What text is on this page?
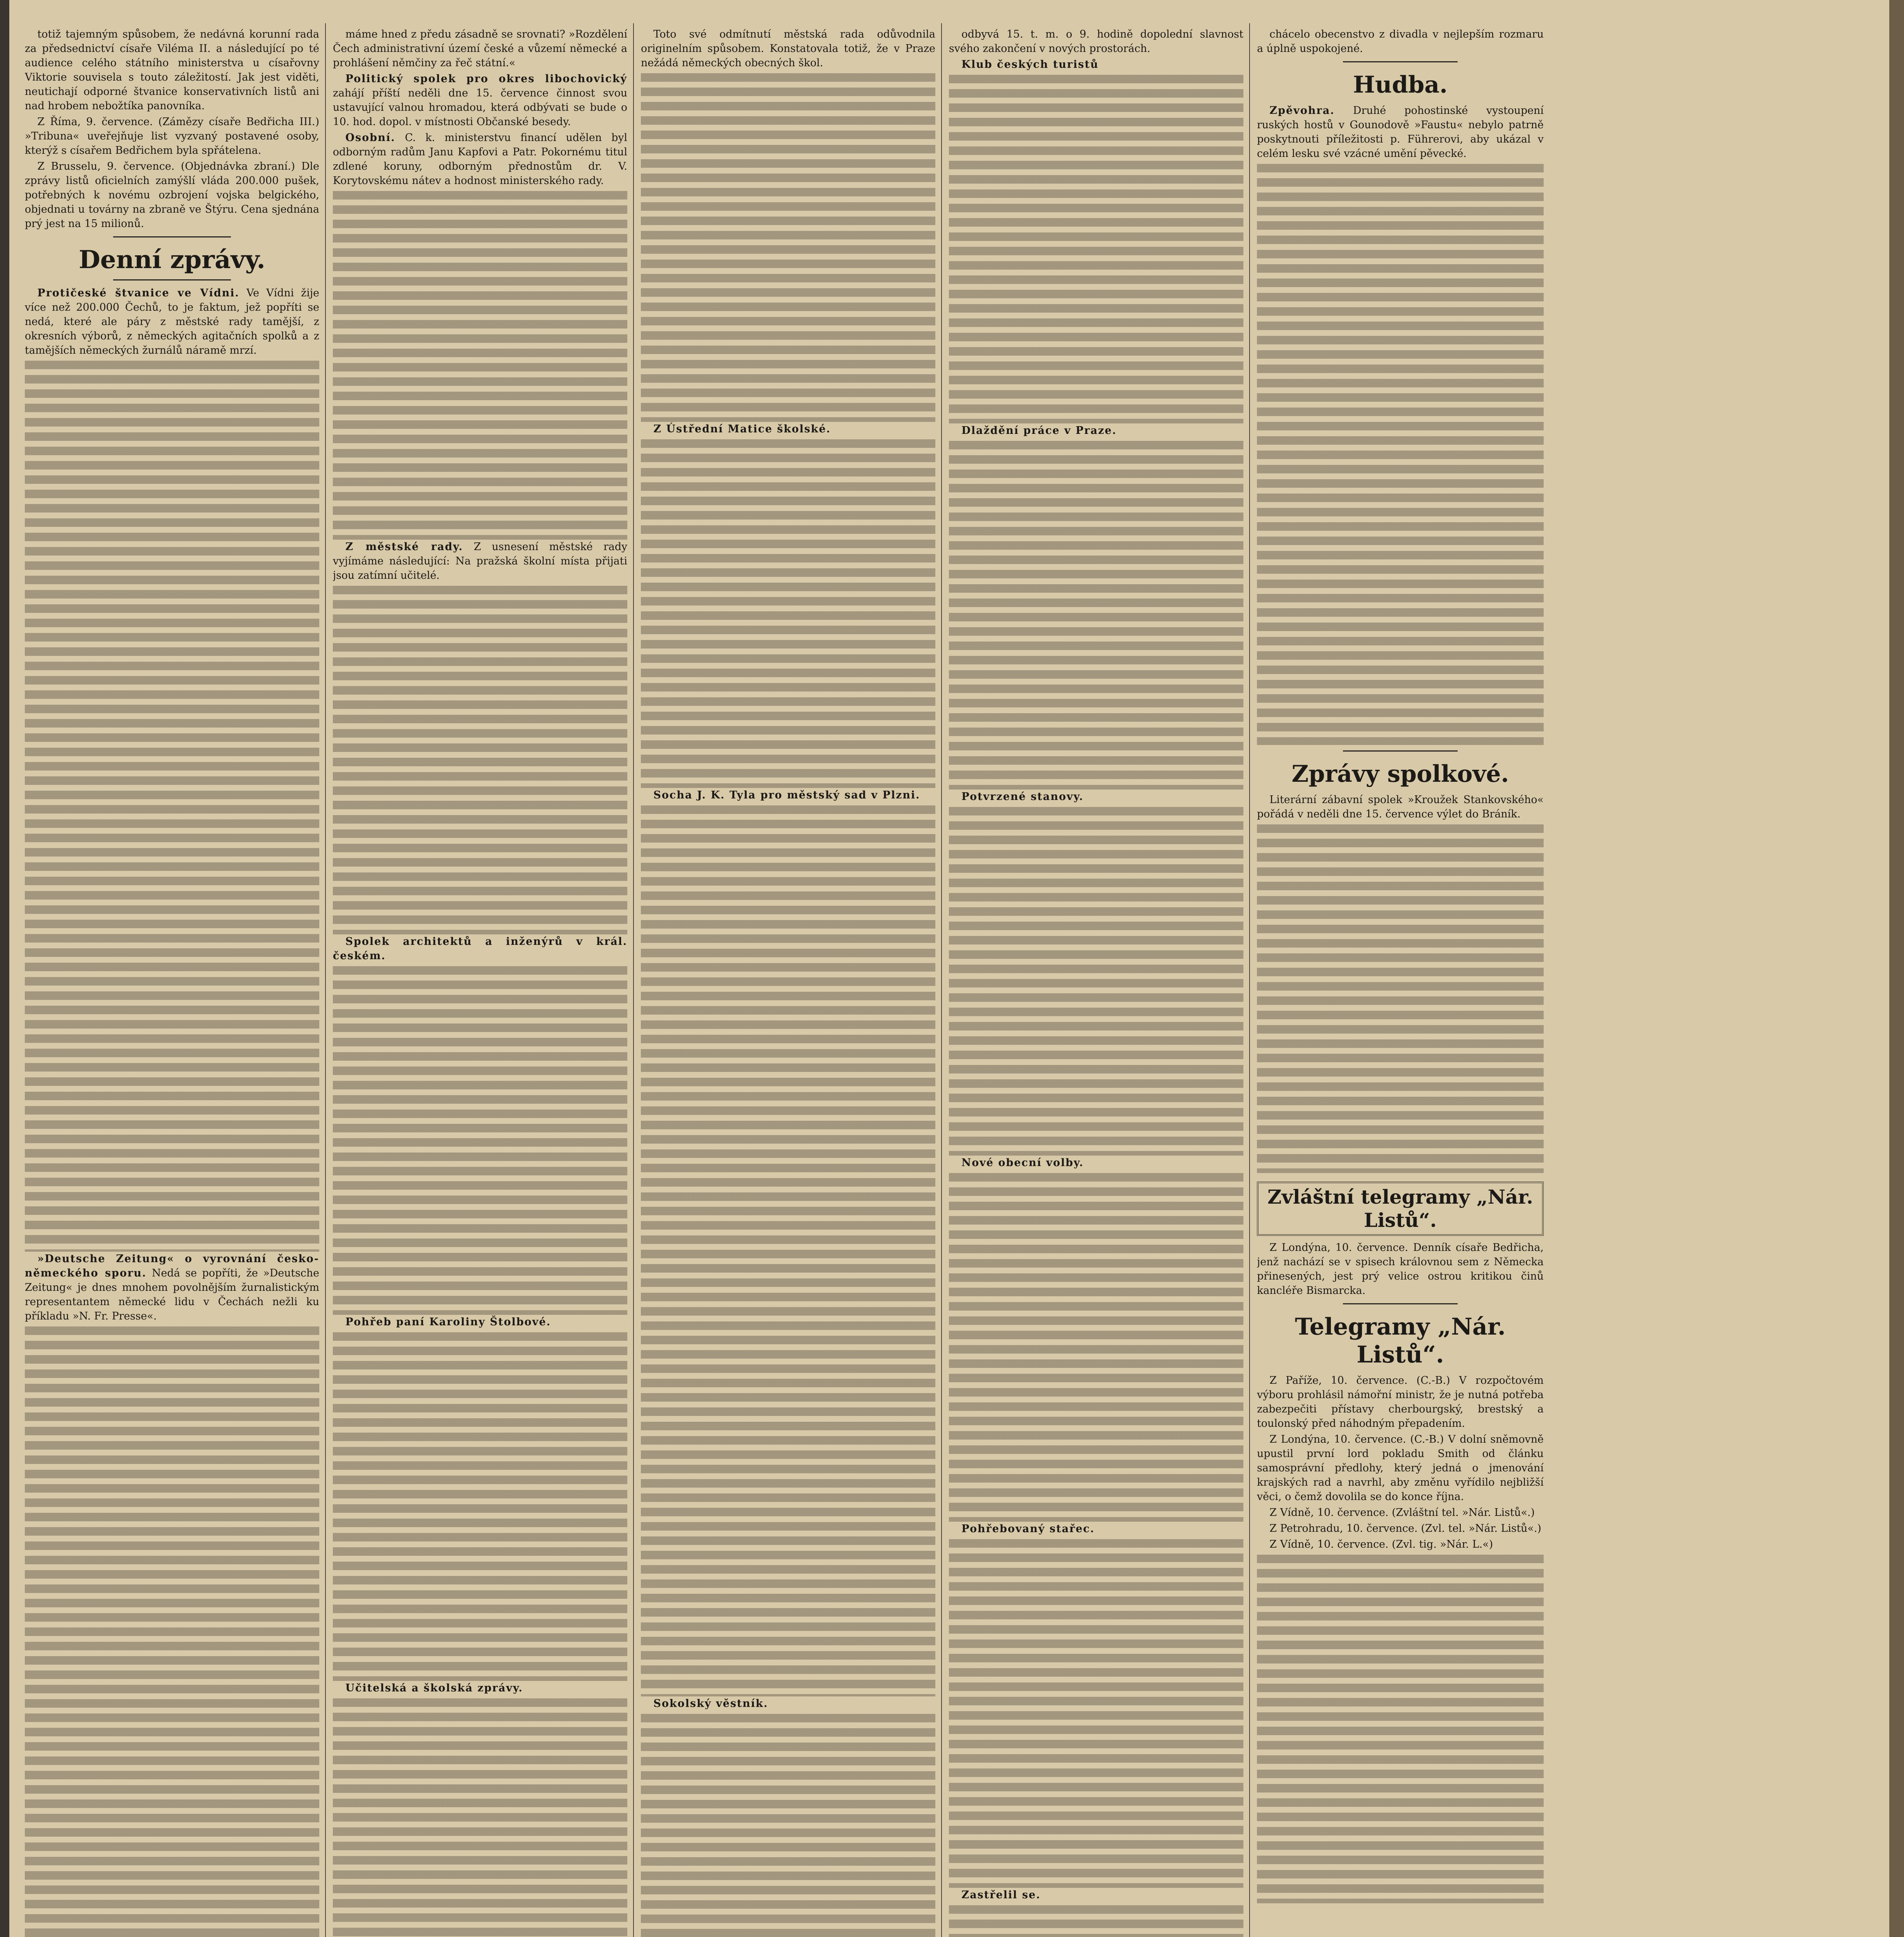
totiž tajemným spůsobem, že nedávná korunní rada za předsednictví císaře Viléma II. a následující po té audience celého státního ministerstva u císařovny Viktorie souvisela s touto záležitostí. Jak jest viděti, neutichají odporné štvanice konservativních listů ani nad hrobem nebožtíka panovníka.

Z Říma, 9. července. (Zámězy císaře Bedřicha III.) »Tribuna« uveřejňuje list vyzvaný postavené osoby, kterýž s císařem Bedřichem byla spřátelena.

Z Brusselu, 9. července. (Objednávka zbraní.) Dle zprávy listů oficielních zamýšlí vláda 200.000 pušek, potřebných k novému ozbrojení vojska belgického, objednati u továrny na zbraně ve Štýru. Cena sjednána prý jest na 15 milionů.

Denní zprávy.

Protičeské štvanice ve Vídni. Ve Vídni žije více než 200.000 Čechů, to je faktum, jež popříti se nedá, které ale páry z městské rady tamější, z okresních výborů, z německých agitačních spolků a z tamějších německých žurnálů náramě mrzí.

»Deutsche Zeitung« o vyrovnání česko-německého sporu. Nedá se popříti, že »Deutsche Zeitung« je dnes mnohem povolnějším žurnalistickým representantem německé lidu v Čechách nežli ku příkladu »N. Fr. Presse«.

máme hned z předu zásadně se srovnati? »Rozdělení Čech administrativní území české a vůzemí německé a prohlášení němčiny za řeč státní.«

Politický spolek pro okres libochovický zahájí příští neděli dne 15. července činnost svou ustavující valnou hromadou, která odbývati se bude o 10. hod. dopol. v místnosti Občanské besedy.

Osobní. C. k. ministerstvu financí udělen byl odborným radům Janu Kapfovi a Patr. Pokornému titul zdlené koruny, odborným přednostům dr. V. Korytovskému nátev a hodnost ministerského rady.

Z městské rady. Z usnesení městské rady vyjímáme následující: Na pražská školní místa přijati jsou zatímní učitelé.

Spolek architektů a inženýrů v král. českém.

Pohřeb paní Karoliny Štolbové.

Učitelská a školská zprávy.

Toto své odmítnutí městská rada odůvodnila originelním spůsobem. Konstatovala totiž, že v Praze nežádá německých obecných škol.

Z Ústřední Matice školské.

Socha J. K. Tyla pro městský sad v Plzni.

Sokolský věstník.

odbyvá 15. t. m. o 9. hodině dopolední slavnost svého zakončení v nových prostorách.

Klub českých turistů

Dlaždění práce v Praze.

Potvrzené stanovy.

Nové obecní volby.

Pohřebovaný stařec.

Zastřelil se.

chácelo obecenstvo z divadla v nejlepším rozmaru a úplně uspokojené.

Hudba.

Zpěvohra. Druhé pohostinské vystoupení ruských hostů v Gounodově »Faustu« nebylo patrně poskytnouti příležitosti p. Führerovi, aby ukázal v celém lesku své vzácné umění pěvecké.

Zprávy spolkové.

Literární zábavní spolek »Kroužek Stankovského« pořádá v neděli dne 15. července výlet do Bráník.

Zvláštní telegramy „Nár. Listů“.

Z Londýna, 10. července. Denník císaře Bedřicha, jenž nachází se v spisech královnou sem z Německa přinesených, jest prý velice ostrou kritikou činů kancléře Bismarcka.

Telegramy „Nár. Listů“.

Z Paříže, 10. července. (C.-B.) V rozpočtovém výboru prohlásil námořní ministr, že je nutná potřeba zabezpečiti přístavy cherbourgský, brestský a toulonský před náhodným přepadením.

Z Londýna, 10. července. (C.-B.) V dolní sněmovně upustil první lord pokladu Smith od článku samosprávní předlohy, který jedná o jmenování krajských rad a navrhl, aby změnu vyřídilo nejbližší věci, o čemž dovolila se do konce října.

Z Vídně, 10. července. (Zvláštní tel. »Nár. Listů«.)

Z Petrohradu, 10. července. (Zvl. tel. »Nár. Listů«.)

Z Vídně, 10. července. (Zvl. tig. »Nár. L.«)
